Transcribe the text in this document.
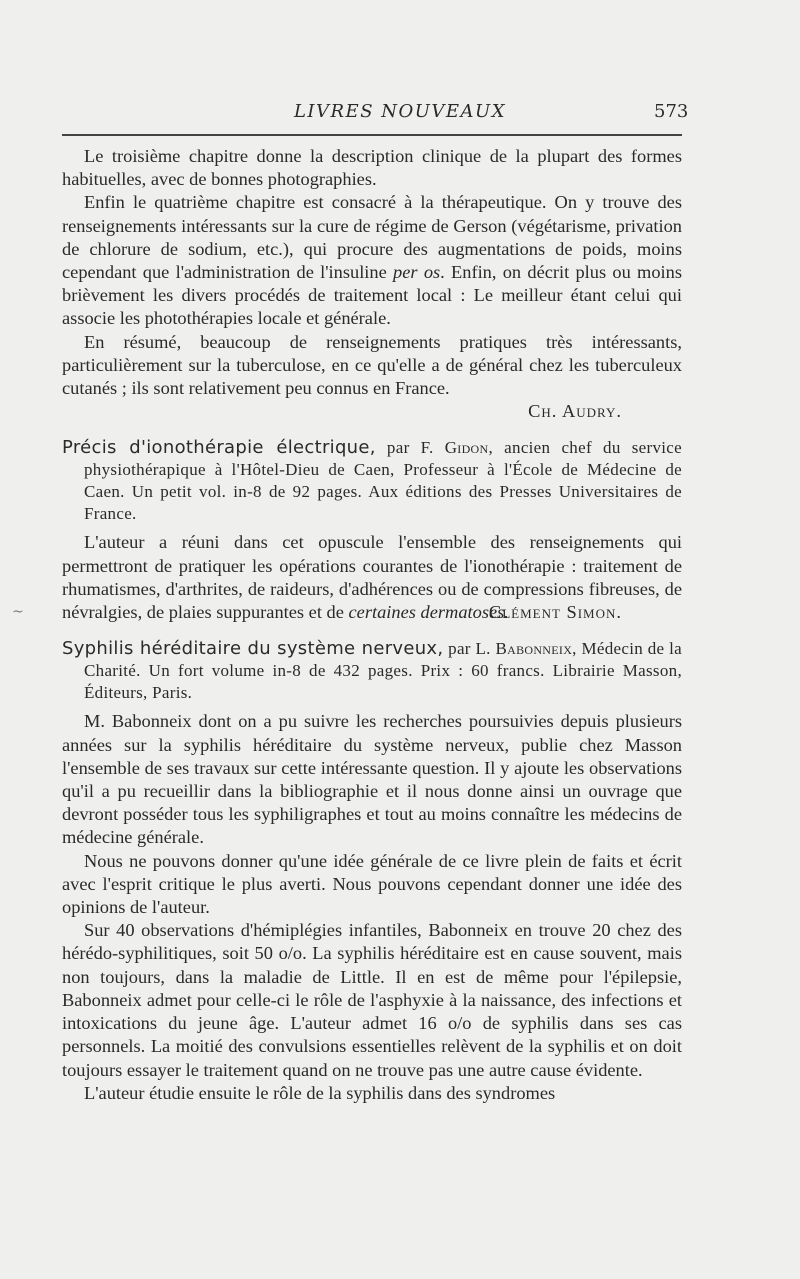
LIVRES NOUVEAUX	573
~

Le troisième chapitre donne la description clinique de la plupart des formes habituelles, avec de bonnes photographies.

Enfin le quatrième chapitre est consacré à la thérapeutique. On y trouve des renseignements intéressants sur la cure de régime de Gerson (végétarisme, privation de chlorure de sodium, etc.), qui procure des augmentations de poids, moins cependant que l'administration de l'insuline per os. Enfin, on décrit plus ou moins brièvement les divers procédés de traitement local : Le meilleur étant celui qui associe les photothérapies locale et générale.

En résumé, beaucoup de renseignements pratiques très intéressants, particulièrement sur la tuberculose, en ce qu'elle a de général chez les tuberculeux cutanés ; ils sont relativement peu connus en France.

Ch. Audry.

Précis d'ionothérapie électrique, par F. Gidon, ancien chef du service physiothérapique à l'Hôtel-Dieu de Caen, Professeur à l'École de Médecine de Caen. Un petit vol. in-8 de 92 pages. Aux éditions des Presses Universitaires de France.

L'auteur a réuni dans cet opuscule l'ensemble des renseignements qui permettront de pratiquer les opérations courantes de l'ionothérapie : traitement de rhumatismes, d'arthrites, de raideurs, d'adhérences ou de compressions fibreuses, de névralgies, de plaies suppurantes et de certaines dermatoses.

Clément Simon.

Syphilis héréditaire du système nerveux, par L. Babonneix, Médecin de la Charité. Un fort volume in-8 de 432 pages. Prix : 60 francs. Librairie Masson, Éditeurs, Paris.

M. Babonneix dont on a pu suivre les recherches poursuivies depuis plusieurs années sur la syphilis héréditaire du système nerveux, publie chez Masson l'ensemble de ses travaux sur cette intéressante question. Il y ajoute les observations qu'il a pu recueillir dans la bibliographie et il nous donne ainsi un ouvrage que devront posséder tous les syphiligraphes et tout au moins connaître les médecins de médecine générale.

Nous ne pouvons donner qu'une idée générale de ce livre plein de faits et écrit avec l'esprit critique le plus averti. Nous pouvons cependant donner une idée des opinions de l'auteur.

Sur 40 observations d'hémiplégies infantiles, Babonneix en trouve 20 chez des hérédo-syphilitiques, soit 50 o/o. La syphilis héréditaire est en cause souvent, mais non toujours, dans la maladie de Little. Il en est de même pour l'épilepsie, Babonneix admet pour celle-ci le rôle de l'asphyxie à la naissance, des infections et intoxications du jeune âge. L'auteur admet 16 o/o de syphilis dans ses cas personnels. La moitié des convulsions essentielles relèvent de la syphilis et on doit toujours essayer le traitement quand on ne trouve pas une autre cause évidente.

L'auteur étudie ensuite le rôle de la syphilis dans des syndromes
